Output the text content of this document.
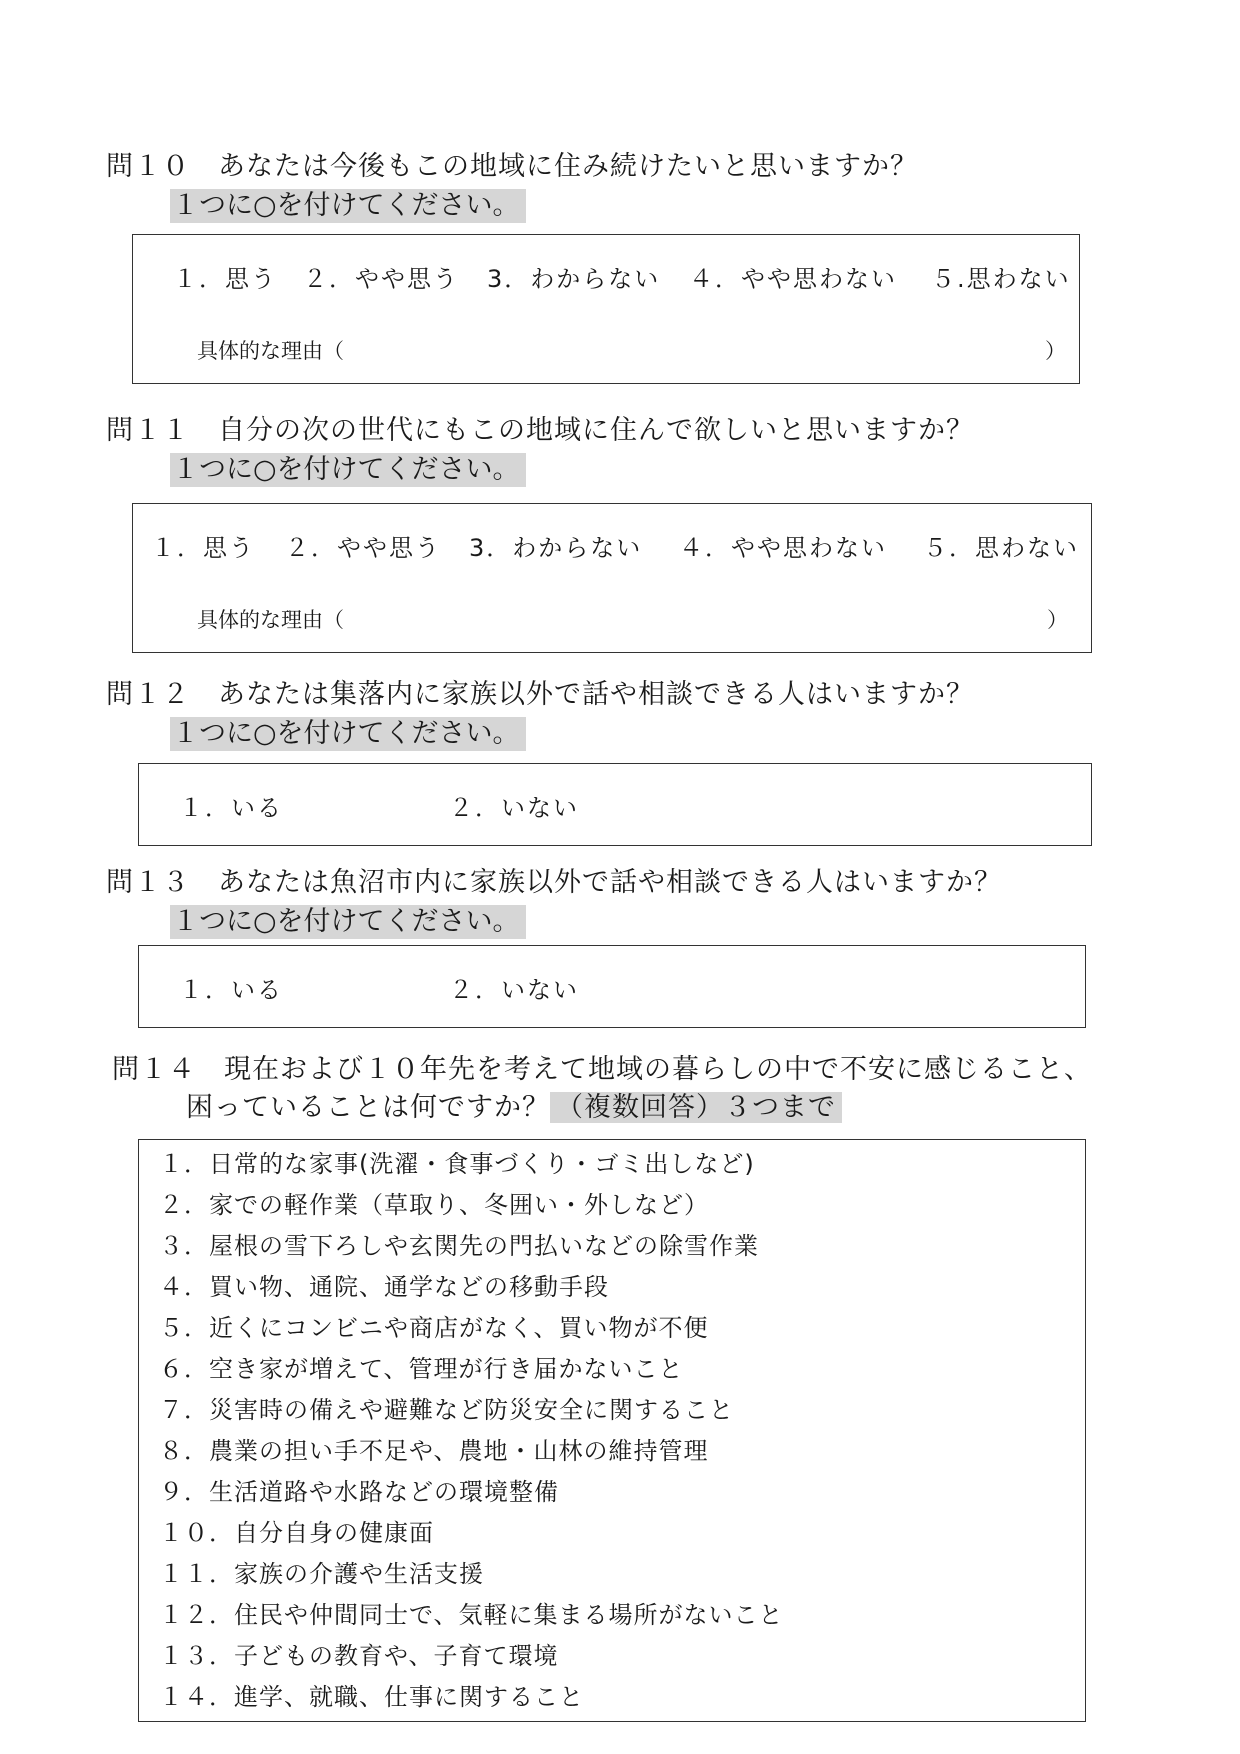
問１０　あなたは今後もこの地域に住み続けたいと思いますか？
１つに○を付けてください。
１．思う ２．やや思う 3．わからない ４．やや思わない ５.思わない
具体的な理由（	）
問１１　自分の次の世代にもこの地域に住んで欲しいと思いますか？
１つに○を付けてください。
１．思う ２．やや思う 3．わからない ４．やや思わない ５．思わない
具体的な理由（	）
問１２　あなたは集落内に家族以外で話や相談できる人はいますか？
１つに○を付けてください。
１．いる	２．いない
問１３　あなたは魚沼市内に家族以外で話や相談できる人はいますか？
１つに○を付けてください。
１．いる	２．いない
問１４　現在および１０年先を考えて地域の暮らしの中で不安に感じること、
困っていることは何ですか？ （複数回答）３つまで
１．日常的な家事(洗濯・食事づくり・ゴミ出しなど)
２．家での軽作業（草取り、冬囲い・外しなど）
３．屋根の雪下ろしや玄関先の門払いなどの除雪作業
４．買い物、通院、通学などの移動手段
５．近くにコンビニや商店がなく、買い物が不便
６．空き家が増えて、管理が行き届かないこと
７．災害時の備えや避難など防災安全に関すること
８．農業の担い手不足や、農地・山林の維持管理
９．生活道路や水路などの環境整備
１０．自分自身の健康面
１１．家族の介護や生活支援
１２．住民や仲間同士で、気軽に集まる場所がないこと
１３．子どもの教育や、子育て環境
１４．進学、就職、仕事に関すること
